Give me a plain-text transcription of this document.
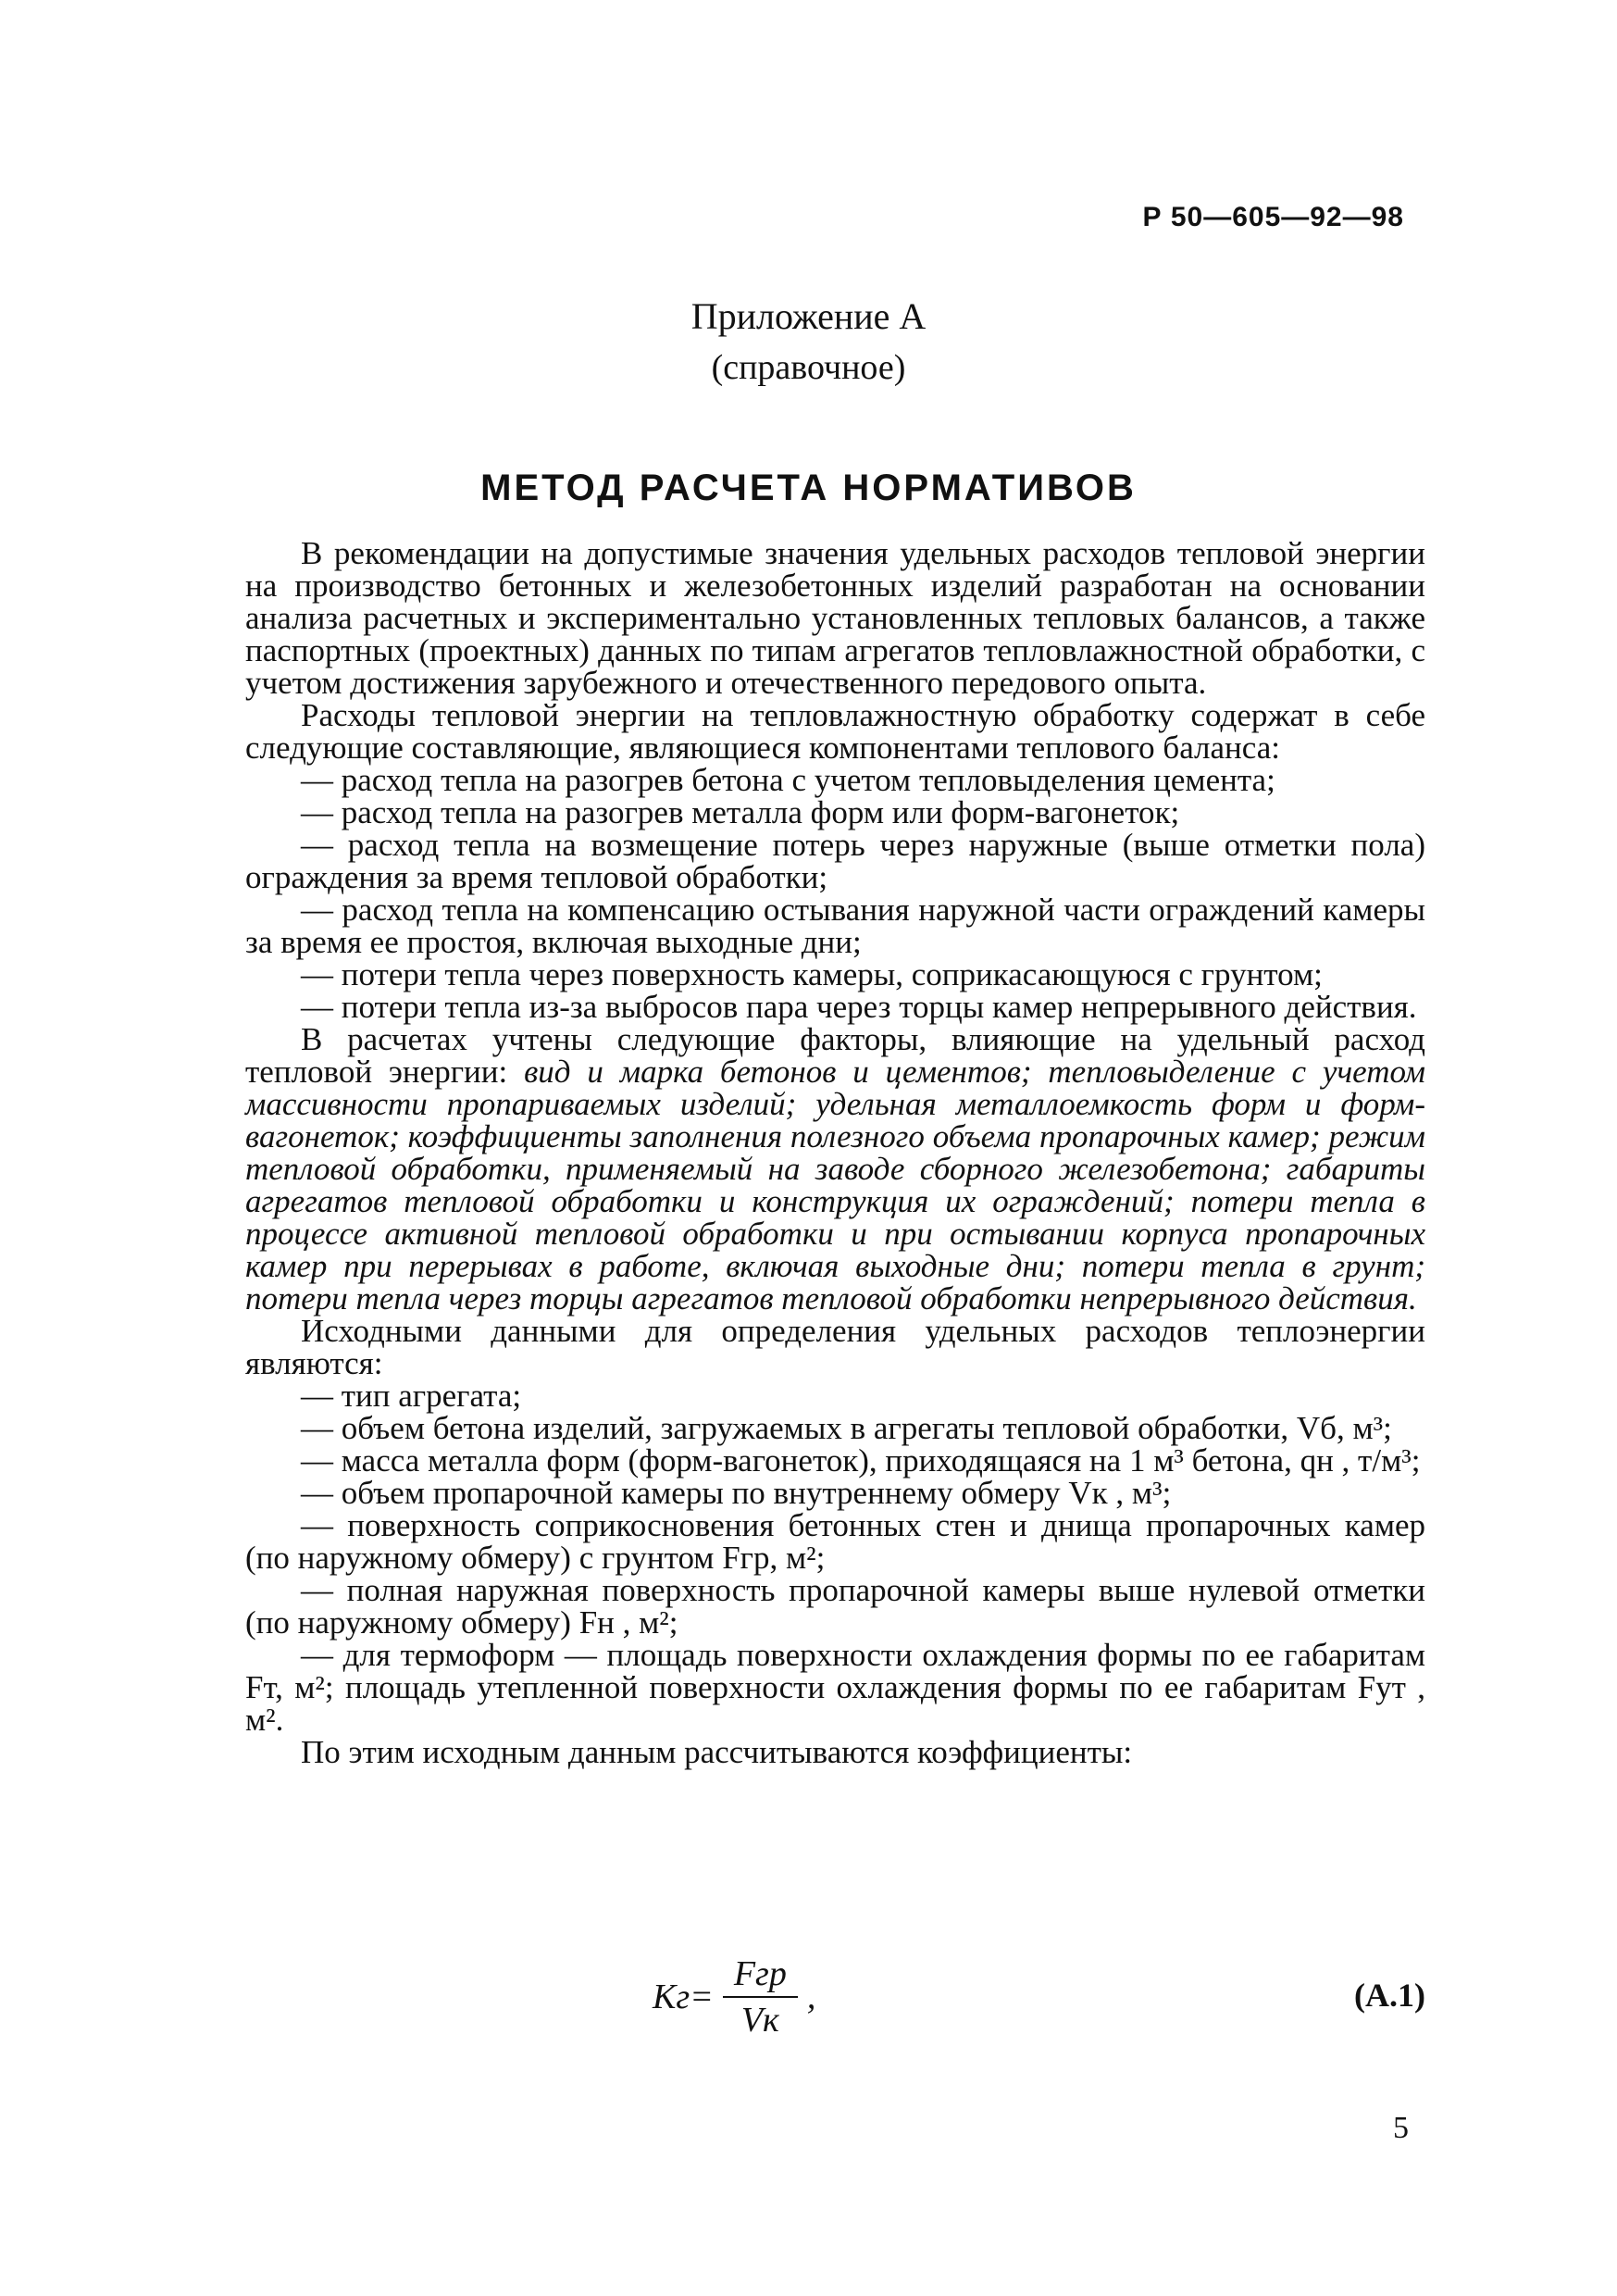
Р 50—605—92—98
Приложение А
(справочное)
МЕТОД РАСЧЕТА НОРМАТИВОВ

В рекомендации на допустимые значения удельных расходов тепловой энергии на производство бетонных и железобетонных изделий разработан на основании анализа расчетных и экспериментально установленных тепловых балансов, а также паспортных (проектных) данных по типам агрегатов тепловлажностной обработки, с учетом достижения зарубежного и отечественного передового опыта.

Расходы тепловой энергии на тепловлажностную обработку содержат в себе следующие составляющие, являющиеся компонентами теплового баланса:

— расход тепла на разогрев бетона с учетом тепловыделения цемента;

— расход тепла на разогрев металла форм или форм-вагонеток;

— расход тепла на возмещение потерь через наружные (выше отметки пола) ограждения за время тепловой обработки;

— расход тепла на компенсацию остывания наружной части ограждений камеры за время ее простоя, включая выходные дни;

— потери тепла через поверхность камеры, соприкасающуюся с грунтом;

— потери тепла из-за выбросов пара через торцы камер непрерывного действия.

В расчетах учтены следующие факторы, влияющие на удельный расход тепловой энергии: вид и марка бетонов и цементов; тепловыделение с учетом массивности пропариваемых изделий; удельная металлоемкость форм и форм-вагонеток; коэффициенты заполнения полезного объема пропарочных камер; режим тепловой обработки, применяемый на заводе сборного железобетона; габариты агрегатов тепловой обработки и конструкция их ограждений; потери тепла в процессе активной тепловой обработки и при остывании корпуса пропарочных камер при перерывах в работе, включая выходные дни; потери тепла в грунт; потери тепла через торцы агрегатов тепловой обработки непрерывного действия.

Исходными данными для определения удельных расходов теплоэнергии являются:

— тип агрегата;

— объем бетона изделий, загружаемых в агрегаты тепловой обработки, Vб, м³;

— масса металла форм (форм-вагонеток), приходящаяся на 1 м³ бетона, qн , т/м³;

— объем пропарочной камеры по внутреннему обмеру Vк , м³;

— поверхность соприкосновения бетонных стен и днища пропарочных камер (по наружному обмеру) с грунтом Fгр, м²;

— полная наружная поверхность пропарочной камеры выше нулевой отметки (по наружному обмеру) Fн , м²;

— для термоформ — площадь поверхности охлаждения формы по ее габаритам Fт, м²; площадь утепленной поверхности охлаждения формы по ее габаритам Fут , м².

По этим исходным данным рассчитываются коэффициенты:

$Kг= \frac{\text{Fгр}}{Vк}$ ,	(А.1)
5
